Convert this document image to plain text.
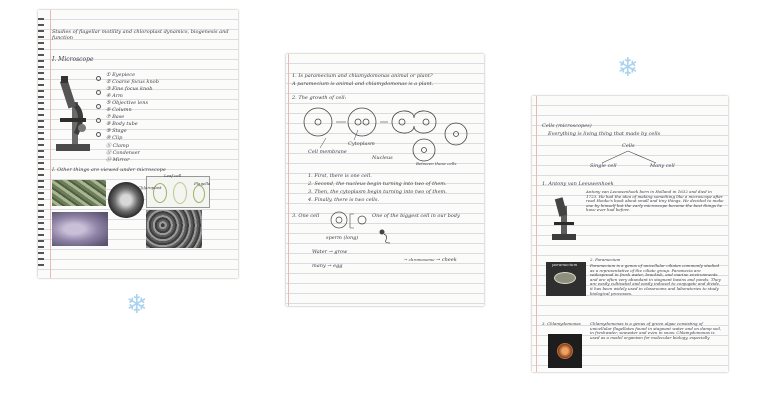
Studies of flagellar motility and chloroplast dynamics, biogenesis and function
I. Microscope
① Eyepiece
② Coarse focus knob
③ Fine focus knob
④ Arm
⑤ Objective lens
⑥ Column
⑦ Base
⑧ Body tube
⑨ Stage
⑩ Clip
⑪ Clamp
⑫ Condenser
⑬ Mirror
I. Other things are viewed under microscope
Chloroplast
Leaf cell
Flagella
1. Is paramecium and chlamydomonas animal or plant?
A paramecium is animal and chlamydomonas is a plant.
2. The growth of cell:
Cell membrane
Cytoplasm
Nucleus
Between these cells
1. First, there is one cell.
2. Second, the nucleus begin turning into two of them.
3. Then, the cytoplasm begin turning into two of them.
4. Finally, there is two cells.
3. One cell	One of the biggest cell in our body
sperm (long)
Water → grow
many → egg
→ chromosome → cheek
Cells (microscopes)
Everything is living thing that made by cells
Cells
Single cell	Many cell
1. Antony van Leeuwenhoek
Antony van Leeuwenhoek born in Holland in 1632 and died in 1723. He had the idea of making something like a microscope after read Hooke's book about small and tiny things. He decided to make one by himself but the early microscope become the best things he have ever had before.
paramecium
2. Paramecium
Paramecium is a genus of unicellular ciliates commonly studied as a representative of the ciliate group. Paramecia are widespread in fresh water, brackish, and marine environments and are often very abundant in stagnant basins and ponds. They are easily cultivated and easily induced to conjugate and divide, it has been widely used in classrooms and laboratories to study biological processes.
3. Chlamydomonas Chlamydomonas is a genus of green algae consisting of unicellular flagellates found in stagnant water and on damp soil, in freshwater, seawater and even in snow. Chlamydomonas is used as a model organism for molecular biology, especially
❄
❄
